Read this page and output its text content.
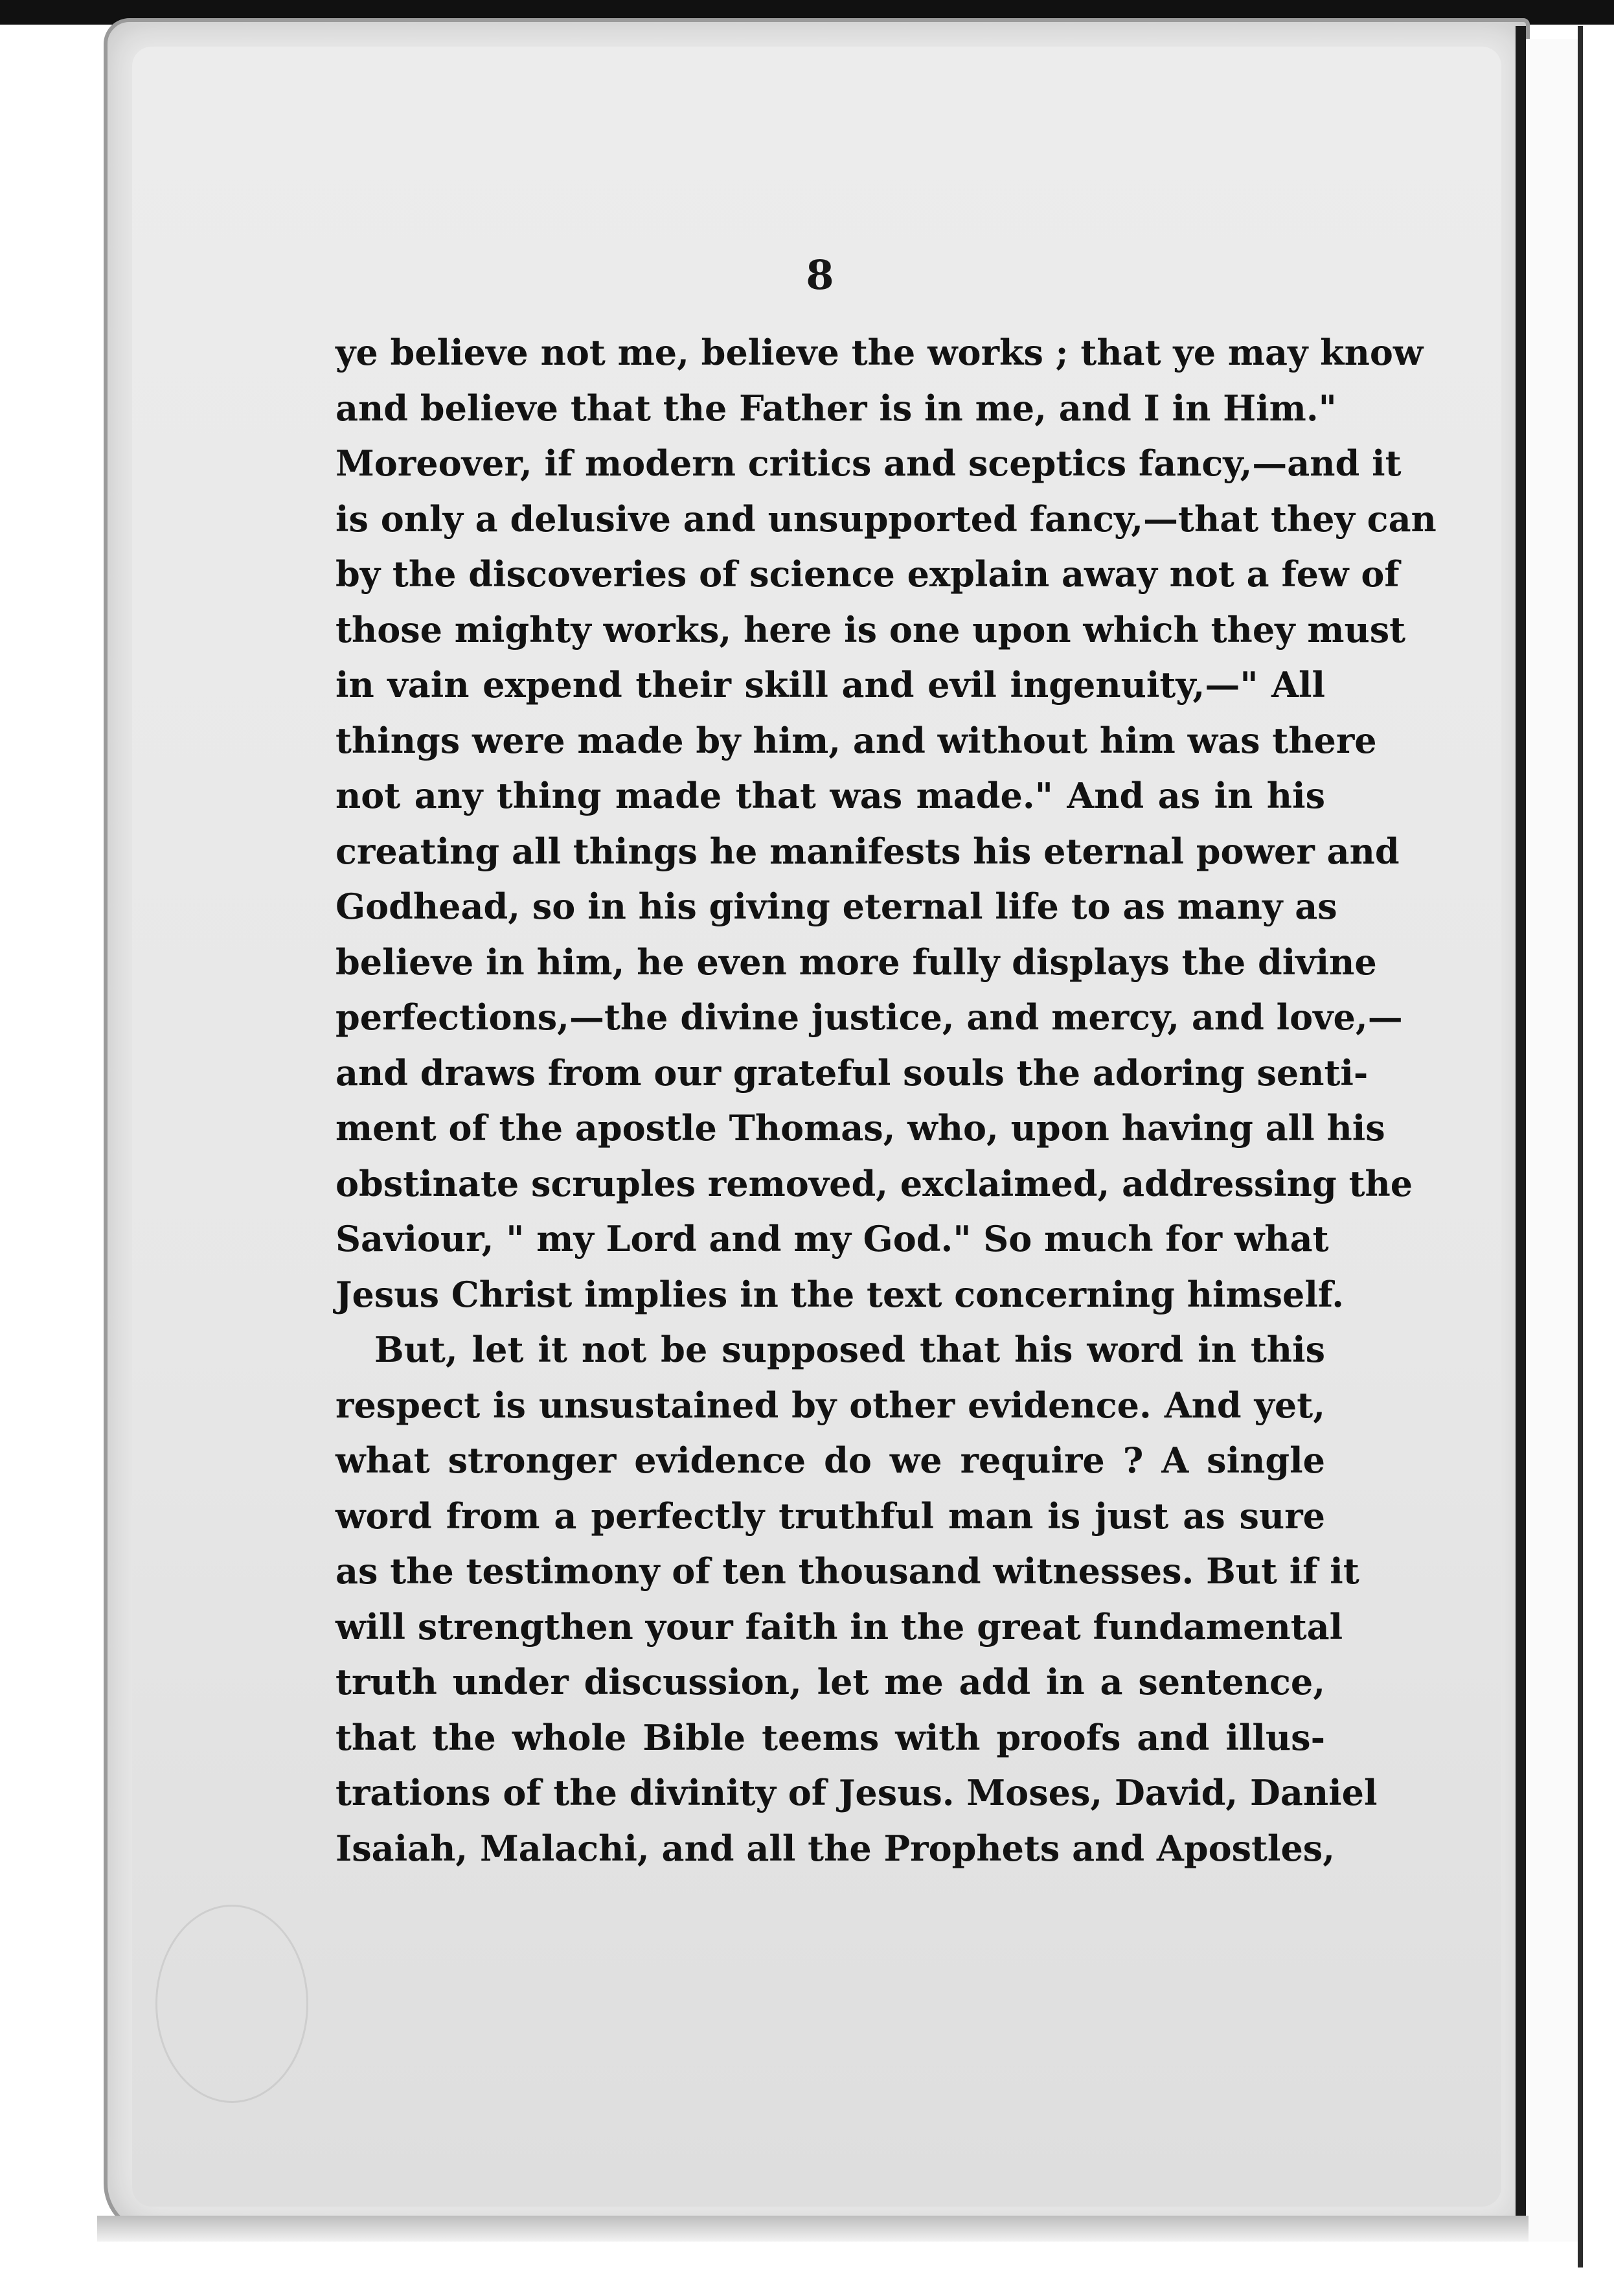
8
ye believe not me, believe the works ; that ye may know
and believe that the Father is in me, and I in Him."
Moreover, if modern critics and sceptics fancy,—and it
is only a delusive and unsupported fancy,—that they can
by the discoveries of science explain away not a few of
those mighty works, here is one upon which they must
in vain expend their skill and evil ingenuity,—" All
things were made by him, and without him was there
not any thing made that was made." And as in his
creating all things he manifests his eternal power and
Godhead, so in his giving eternal life to as many as
believe in him, he even more fully displays the divine
perfections,—the divine justice, and mercy, and love,—
and draws from our grateful souls the adoring senti-
ment of the apostle Thomas, who, upon having all his
obstinate scruples removed, exclaimed, addressing the
Saviour, " my Lord and my God." So much for what
Jesus Christ implies in the text concerning himself.
But, let it not be supposed that his word in this
respect is unsustained by other evidence. And yet,
what stronger evidence do we require ? A single
word from a perfectly truthful man is just as sure
as the testimony of ten thousand witnesses. But if it
will strengthen your faith in the great fundamental
truth under discussion, let me add in a sentence,
that the whole Bible teems with proofs and illus-
trations of the divinity of Jesus. Moses, David, Daniel
Isaiah, Malachi, and all the Prophets and Apostles,
